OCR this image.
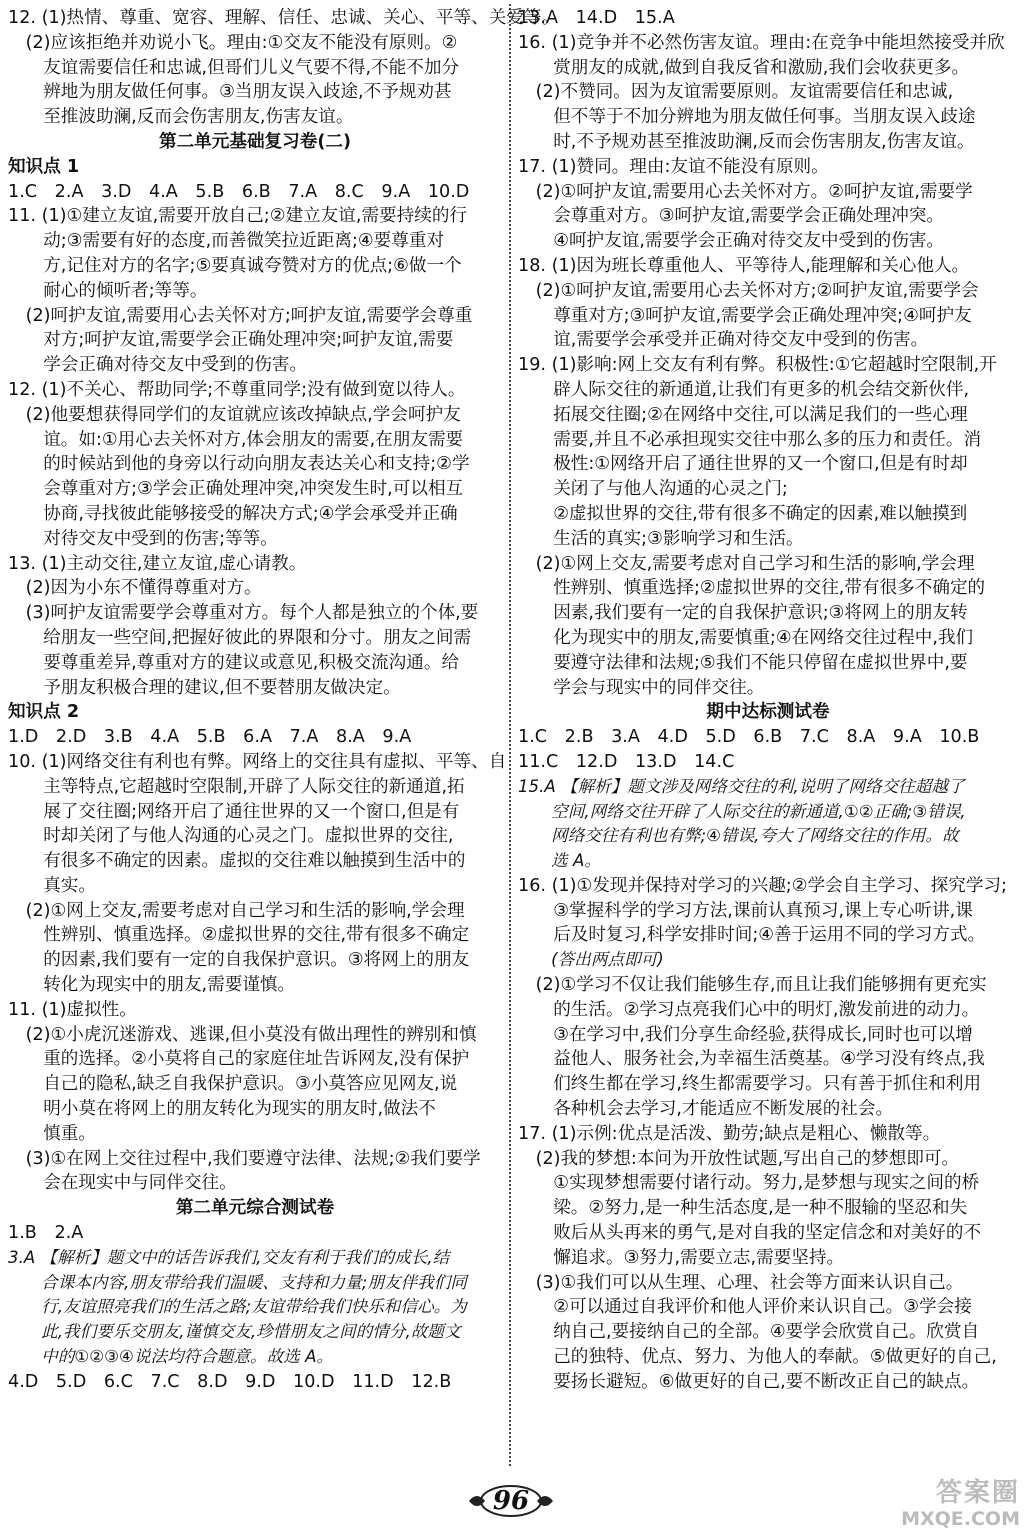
12. (1)热情、尊重、宽容、理解、信任、忠诚、关心、平等、关爱等。
　(2)应该拒绝并劝说小飞。理由:①交友不能没有原则。②
　　友谊需要信任和忠诚,但哥们儿义气要不得,不能不加分
　　辨地为朋友做任何事。③当朋友误入歧途,不予规劝甚
　　至推波助澜,反而会伤害朋友,伤害友谊。
第二单元基础复习卷(二)
知识点 1
1.C　2.A　3.D　4.A　5.B　6.B　7.A　8.C　9.A　10.D
11. (1)①建立友谊,需要开放自己;②建立友谊,需要持续的行
　　动;③需要有好的态度,而善微笑拉近距离;④要尊重对
　　方,记住对方的名字;⑤要真诚夸赞对方的优点;⑥做一个
　　耐心的倾听者;等等。
　(2)呵护友谊,需要用心去关怀对方;呵护友谊,需要学会尊重
　　对方;呵护友谊,需要学会正确处理冲突;呵护友谊,需要
　　学会正确对待交友中受到的伤害。
12. (1)不关心、帮助同学;不尊重同学;没有做到宽以待人。
　(2)他要想获得同学们的友谊就应该改掉缺点,学会呵护友
　　谊。如:①用心去关怀对方,体会朋友的需要,在朋友需要
　　的时候站到他的身旁以行动向朋友表达关心和支持;②学
　　会尊重对方;③学会正确处理冲突,冲突发生时,可以相互
　　协商,寻找彼此能够接受的解决方式;④学会承受并正确
　　对待交友中受到的伤害;等等。
13. (1)主动交往,建立友谊,虚心请教。
　(2)因为小东不懂得尊重对方。
　(3)呵护友谊需要学会尊重对方。每个人都是独立的个体,要
　　给朋友一些空间,把握好彼此的界限和分寸。朋友之间需
　　要尊重差异,尊重对方的建议或意见,积极交流沟通。给
　　予朋友积极合理的建议,但不要替朋友做决定。
知识点 2
1.D　2.D　3.B　4.A　5.B　6.A　7.A　8.A　9.A
10. (1)网络交往有利也有弊。网络上的交往具有虚拟、平等、自
　　主等特点,它超越时空限制,开辟了人际交往的新通道,拓
　　展了交往圈;网络开启了通往世界的又一个窗口,但是有
　　时却关闭了与他人沟通的心灵之门。虚拟世界的交往,
　　有很多不确定的因素。虚拟的交往难以触摸到生活中的
　　真实。
　(2)①网上交友,需要考虑对自己学习和生活的影响,学会理
　　性辨别、慎重选择。②虚拟世界的交往,带有很多不确定
　　的因素,我们要有一定的自我保护意识。③将网上的朋友
　　转化为现实中的朋友,需要谨慎。
11. (1)虚拟性。
　(2)①小虎沉迷游戏、逃课,但小莫没有做出理性的辨别和慎
　　重的选择。②小莫将自己的家庭住址告诉网友,没有保护
　　自己的隐私,缺乏自我保护意识。③小莫答应见网友,说
　　明小莫在将网上的朋友转化为现实的朋友时,做法不
　　慎重。
　(3)①在网上交往过程中,我们要遵守法律、法规;②我们要学
　　会在现实中与同伴交往。
第二单元综合测试卷
1.B　2.A
3.A 【解析】题文中的话告诉我们,交友有利于我们的成长,结
　　合课本内容,朋友带给我们温暖、支持和力量;朋友伴我们同
　　行,友谊照亮我们的生活之路;友谊带给我们快乐和信心。为
　　此,我们要乐交朋友,谨慎交友,珍惜朋友之间的情分,故题文
　　中的①②③④说法均符合题意。故选 A。
4.D　5.D　6.C　7.C　8.D　9.D　10.D　11.D　12.B
13.A　14.D　15.A
16. (1)竞争并不必然伤害友谊。理由:在竞争中能坦然接受并欣
　　赏朋友的成就,做到自我反省和激励,我们会收获更多。
　(2)不赞同。因为友谊需要原则。友谊需要信任和忠诚,
　　但不等于不加分辨地为朋友做任何事。当朋友误入歧途
　　时,不予规劝甚至推波助澜,反而会伤害朋友,伤害友谊。
17. (1)赞同。理由:友谊不能没有原则。
　(2)①呵护友谊,需要用心去关怀对方。②呵护友谊,需要学
　　会尊重对方。③呵护友谊,需要学会正确处理冲突。
　　④呵护友谊,需要学会正确对待交友中受到的伤害。
18. (1)因为班长尊重他人、平等待人,能理解和关心他人。
　(2)①呵护友谊,需要用心去关怀对方;②呵护友谊,需要学会
　　尊重对方;③呵护友谊,需要学会正确处理冲突;④呵护友
　　谊,需要学会承受并正确对待交友中受到的伤害。
19. (1)影响:网上交友有利有弊。积极性:①它超越时空限制,开
　　辟人际交往的新通道,让我们有更多的机会结交新伙伴,
　　拓展交往圈;②在网络中交往,可以满足我们的一些心理
　　需要,并且不必承担现实交往中那么多的压力和责任。消
　　极性:①网络开启了通往世界的又一个窗口,但是有时却
　　关闭了与他人沟通的心灵之门;
　　②虚拟世界的交往,带有很多不确定的因素,难以触摸到
　　生活的真实;③影响学习和生活。
　(2)①网上交友,需要考虑对自己学习和生活的影响,学会理
　　性辨别、慎重选择;②虚拟世界的交往,带有很多不确定的
　　因素,我们要有一定的自我保护意识;③将网上的朋友转
　　化为现实中的朋友,需要慎重;④在网络交往过程中,我们
　　要遵守法律和法规;⑤我们不能只停留在虚拟世界中,要
　　学会与现实中的同伴交往。
期中达标测试卷
1.C　2.B　3.A　4.D　5.D　6.B　7.C　8.A　9.A　10.B
11.C　12.D　13.D　14.C
15.A 【解析】题文涉及网络交往的利,说明了网络交往超越了
　　空间,网络交往开辟了人际交往的新通道,①②正确;③错误,
　　网络交往有利也有弊;④错误,夸大了网络交往的作用。故
　　选 A。
16. (1)①发现并保持对学习的兴趣;②学会自主学习、探究学习;
　　③掌握科学的学习方法,课前认真预习,课上专心听讲,课
　　后及时复习,科学安排时间;④善于运用不同的学习方式。
　　(答出两点即可)
　(2)①学习不仅让我们能够生存,而且让我们能够拥有更充实
　　的生活。②学习点亮我们心中的明灯,激发前进的动力。
　　③在学习中,我们分享生命经验,获得成长,同时也可以增
　　益他人、服务社会,为幸福生活奠基。④学习没有终点,我
　　们终生都在学习,终生都需要学习。只有善于抓住和利用
　　各种机会去学习,才能适应不断发展的社会。
17. (1)示例:优点是活泼、勤劳;缺点是粗心、懒散等。
　(2)我的梦想:本问为开放性试题,写出自己的梦想即可。
　　①实现梦想需要付诸行动。努力,是梦想与现实之间的桥
　　梁。②努力,是一种生活态度,是一种不服输的坚忍和失
　　败后从头再来的勇气,是对自我的坚定信念和对美好的不
　　懈追求。③努力,需要立志,需要坚持。
　(3)①我们可以从生理、心理、社会等方面来认识自己。
　　②可以通过自我评价和他人评价来认识自己。③学会接
　　纳自己,要接纳自己的全部。④要学会欣赏自己。欣赏自
　　己的独特、优点、努力、为他人的奉献。⑤做更好的自己,
　　要扬长避短。⑥做更好的自己,要不断改正自己的缺点。
96	答案圈
MXQE.COM
